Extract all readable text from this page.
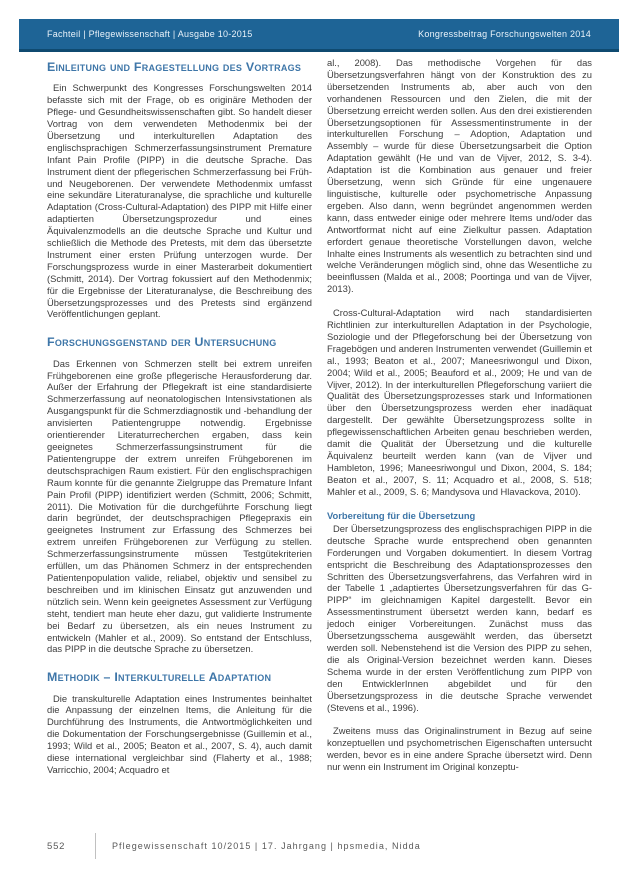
Fachteil | Pflegewissenschaft | Ausgabe 10-2015	Kongressbeitrag Forschungswelten 2014
Einleitung und Fragestellung des Vortrags

Ein Schwerpunkt des Kongresses Forschungswelten 2014 befasste sich mit der Frage, ob es originäre Methoden der Pflege- und Gesundheitswissenschaften gibt. So handelt dieser Vortrag von dem verwendeten Methodenmix bei der Übersetzung und interkulturellen Adaptation des englischsprachigen Schmerzerfassungsinstrument Premature Infant Pain Profile (PIPP) in die deutsche Sprache. Das Instrument dient der pflegerischen Schmerzerfassung bei Früh- und Neugeborenen. Der verwendete Methodenmix umfasst eine sekundäre Literaturanalyse, die sprachliche und kulturelle Adaptation (Cross-Cultural-Adaptation) des PIPP mit Hilfe einer adaptierten Übersetzungsprozedur und eines Äquivalenzmodells an die deutsche Sprache und Kultur und schließlich die Methode des Pretests, mit dem das übersetzte Instrument einer ersten Prüfung unterzogen wurde. Der Forschungsprozess wurde in einer Masterarbeit dokumentiert (Schmitt, 2014). Der Vortrag fokussiert auf den Methodenmix; für die Ergebnisse der Literaturanalyse, die Beschreibung des Übersetzungsprozesses und des Pretests sind ergänzend Veröffentlichungen geplant.

Forschungsgenstand der Untersuchung

Das Erkennen von Schmerzen stellt bei extrem unreifen Frühgeborenen eine große pflegerische Herausforderung dar. Außer der Erfahrung der Pflegekraft ist eine standardisierte Schmerzerfassung auf neonatologischen Intensivstationen als Ausgangspunkt für die Schmerzdiagnostik und -behandlung der anvisierten Patientengruppe notwendig. Ergebnisse orientierender Literaturrecherchen ergaben, dass kein geeignetes Schmerzerfassungsinstrument für die Patientengruppe der extrem unreifen Frühgeborenen im deutschsprachigen Raum existiert. Für den englischsprachigen Raum konnte für die genannte Zielgruppe das Premature Infant Pain Profil (PIPP) identifiziert werden (Schmitt, 2006; Schmitt, 2011). Die Motivation für die durchgeführte Forschung liegt darin begründet, der deutschsprachigen Pflegepraxis ein geeignetes Instrument zur Erfassung des Schmerzes bei extrem unreifen Frühgeborenen zur Verfügung zu stellen. Schmerzerfassungsinstrumente müssen Testgütekriterien erfüllen, um das Phänomen Schmerz in der entsprechenden Patientenpopulation valide, reliabel, objektiv und sensibel zu beschreiben und im klinischen Einsatz gut anzuwenden und nützlich sein. Wenn kein geeignetes Assessment zur Verfügung steht, tendiert man heute eher dazu, gut validierte Instrumente bei Bedarf zu übersetzen, als ein neues Instrument zu entwickeln (Mahler et al., 2009). So entstand der Entschluss, das PIPP in die deutsche Sprache zu übersetzen.

Methodik – Interkulturelle Adaptation

Die transkulturelle Adaptation eines Instrumentes beinhaltet die Anpassung der einzelnen Items, die Anleitung für die Durchführung des Instruments, die Antwortmöglichkeiten und die Dokumentation der Forschungsergebnisse (Guillemin et al., 1993; Wild et al., 2005; Beaton et al., 2007, S. 4), auch damit diese international vergleichbar sind (Flaherty et al., 1988; Varricchio, 2004; Acquadro et

al., 2008). Das methodische Vorgehen für das Übersetzungsverfahren hängt von der Konstruktion des zu übersetzenden Instruments ab, aber auch von den vorhandenen Ressourcen und den Zielen, die mit der Übersetzung erreicht werden sollen. Aus den drei existierenden Übersetzungsoptionen für Assessmentinstrumente in der interkulturellen Forschung – Adoption, Adaptation und Assembly – wurde für diese Übersetzungsarbeit die Option Adaptation gewählt (He und van de Vijver, 2012, S. 3-4). Adaptation ist die Kombination aus genauer und freier Übersetzung, wenn sich Gründe für eine ungenauere linguistische, kulturelle oder psychometrische Anpassung ergeben. Also dann, wenn begründet angenommen werden kann, dass entweder einige oder mehrere Items und/oder das Antwortformat nicht auf eine Zielkultur passen. Adaptation erfordert genaue theoretische Vorstellungen davon, welche Inhalte eines Instruments als wesentlich zu betrachten sind und welche Veränderungen möglich sind, ohne das Wesentliche zu beeinflussen (Malda et al., 2008; Poortinga und van de Vijver, 2013).

Cross-Cultural-Adaptation wird nach standardisierten Richtlinien zur interkulturellen Adaptation in der Psychologie, Soziologie und der Pflegeforschung bei der Übersetzung von Fragebögen und anderen Instrumenten verwendet (Guillemin et al., 1993; Beaton et al., 2007; Maneesriwongul und Dixon, 2004; Wild et al., 2005; Beauford et al., 2009; He und van de Vijver, 2012). In der interkulturellen Pflegeforschung variiert die Qualität des Übersetzungsprozesses stark und Informationen über den Übersetzungsprozess werden eher inadäquat dargestellt. Der gewählte Übersetzungsprozess sollte in pflegewissenschaftlichen Arbeiten genau beschrieben werden, damit die Qualität der Übersetzung und die kulturelle Äquivalenz beurteilt werden kann (van de Vijver und Hambleton, 1996; Maneesriwongul und Dixon, 2004, S. 184; Beaton et al., 2007, S. 11; Acquadro et al., 2008, S. 518; Mahler et al., 2009, S. 6; Mandysova und Hlavackova, 2010).

Vorbereitung für die Übersetzung

Der Übersetzungsprozess des englischsprachigen PIPP in die deutsche Sprache wurde entsprechend oben genannten Forderungen und Vorgaben dokumentiert. In diesem Vortrag entspricht die Beschreibung des Adaptationsprozesses den Schritten des Übersetzungsverfahrens, das Verfahren wird in der Tabelle 1 „adaptiertes Übersetzungsverfahren für das G-PIPP“ im gleichnamigen Kapitel dargestellt. Bevor ein Assessmentinstrument übersetzt werden kann, bedarf es jedoch einiger Vorbereitungen. Zunächst muss das Übersetzungsschema ausgewählt werden, das übersetzt werden soll. Nebenstehend ist die Version des PIPP zu sehen, die als Original-Version bezeichnet werden kann. Dieses Schema wurde in der ersten Veröffentlichung zum PIPP von den EntwicklerInnen abgebildet und für den Übersetzungsprozess in die deutsche Sprache verwendet (Stevens et al., 1996).

Zweitens muss das Originalinstrument in Bezug auf seine konzeptuellen und psychometrischen Eigenschaften untersucht werden, bevor es in eine andere Sprache übersetzt wird. Denn nur wenn ein Instrument im Original konzeptu-

552	Pflegewissenschaft 10/2015 | 17. Jahrgang | hpsmedia, Nidda
